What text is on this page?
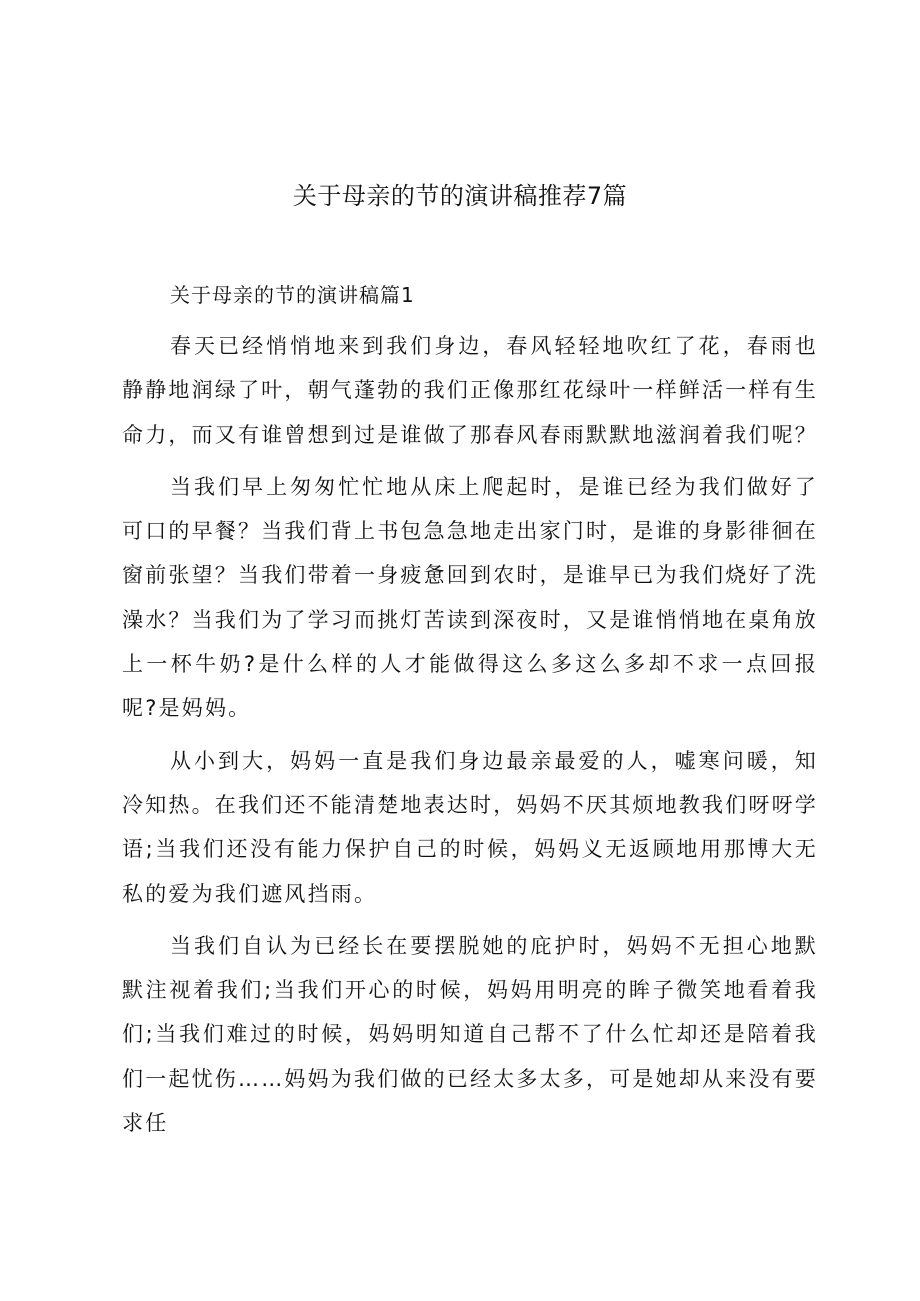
关于母亲的节的演讲稿推荐7篇
关于母亲的节的演讲稿篇1

春天已经悄悄地来到我们身边，春风轻轻地吹红了花，春雨也静静地润绿了叶，朝气蓬勃的我们正像那红花绿叶一样鲜活一样有生命力，而又有谁曾想到过是谁做了那春风春雨默默地滋润着我们呢？

当我们早上匆匆忙忙地从床上爬起时，是谁已经为我们做好了可口的早餐？当我们背上书包急急地走出家门时，是谁的身影徘徊在窗前张望？当我们带着一身疲惫回到农时，是谁早已为我们烧好了洗澡水？当我们为了学习而挑灯苦读到深夜时，又是谁悄悄地在桌角放上一杯牛奶?是什么样的人才能做得这么多这么多却不求一点回报呢?是妈妈。

从小到大，妈妈一直是我们身边最亲最爱的人，嘘寒问暖，知冷知热。在我们还不能清楚地表达时，妈妈不厌其烦地教我们呀呀学语;当我们还没有能力保护自己的时候，妈妈义无返顾地用那博大无私的爱为我们遮风挡雨。

当我们自认为已经长在要摆脱她的庇护时，妈妈不无担心地默默注视着我们;当我们开心的时候，妈妈用明亮的眸子微笑地看着我们;当我们难过的时候，妈妈明知道自己帮不了什么忙却还是陪着我们一起忧伤……妈妈为我们做的已经太多太多，可是她却从来没有要求任
